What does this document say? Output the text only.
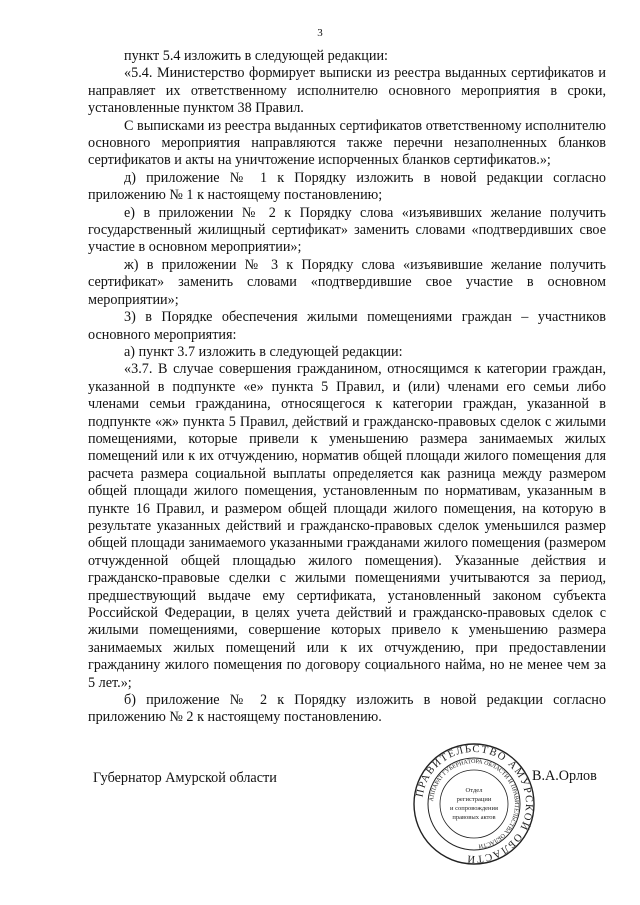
3

пункт 5.4 изложить в следующей редакции:

«5.4. Министерство формирует выписки из реестра выданных сертификатов и направляет их ответственному исполнителю основного мероприятия в сроки, установленные пунктом 38 Правил.

С выписками из реестра выданных сертификатов ответственному исполнителю основного мероприятия направляются также перечни незаполненных бланков сертификатов и акты на уничтожение испорченных бланков сертификатов.»;

д) приложение № 1 к Порядку изложить в новой редакции согласно приложению № 1 к настоящему постановлению;

е) в приложении № 2 к Порядку слова «изъявивших желание получить государственный жилищный сертификат» заменить словами «подтвердивших свое участие в основном мероприятии»;

ж) в приложении № 3 к Порядку слова «изъявившие желание получить сертификат» заменить словами «подтвердившие свое участие в основном мероприятии»;

3) в Порядке обеспечения жилыми помещениями граждан – участников основного мероприятия:

а) пункт 3.7 изложить в следующей редакции:

«3.7. В случае совершения гражданином, относящимся к категории граждан, указанной в подпункте «е» пункта 5 Правил, и (или) членами его семьи либо членами семьи гражданина, относящегося к категории граждан, указанной в подпункте «ж» пункта 5 Правил, действий и гражданско-правовых сделок с жилыми помещениями, которые привели к уменьшению размера занимаемых жилых помещений или к их отчуждению, норматив общей площади жилого помещения для расчета размера социальной выплаты определяется как разница между размером общей площади жилого помещения, установленным по нормативам, указанным в пункте 16 Правил, и размером общей площади жилого помещения, на которую в результате указанных действий и гражданско-правовых сделок уменьшился размер общей площади занимаемого указанными гражданами жилого помещения (размером отчужденной общей площадью жилого помещения). Указанные действия и гражданско-правовые сделки с жилыми помещениями учитываются за период, предшествующий выдаче ему сертификата, установленный законом субъекта Российской Федерации, в целях учета действий и гражданско-правовых сделок с жилыми помещениями, совершение которых привело к уменьшению размера занимаемых жилых помещений или к их отчуждению, при предоставлении гражданину жилого помещения по договору социального найма, но не менее чем за 5 лет.»;

б) приложение № 2 к Порядку изложить в новой редакции согласно приложению № 2 к настоящему постановлению.

Губернатор Амурской области
ПРАВИТЕЛЬСТВО АМУРСКОЙ ОБЛАСТИ
АППАРАТ ГУБЕРНАТОРА ОБЛАСТИ И ПРАВИТЕЛЬСТВА ОБЛАСТИ
Отдел
регистрации
и сопровождения
правовых актов
В.А.Орлов
